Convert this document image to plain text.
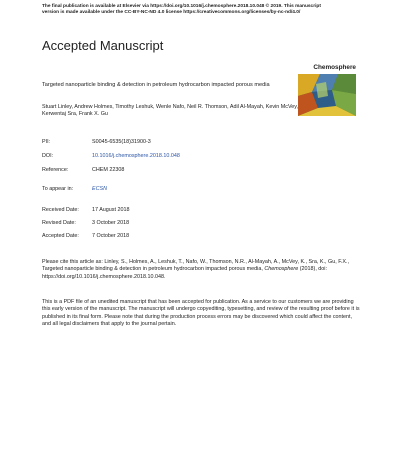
The final publication is available at Elsevier via https://doi.org/10.1016/j.chemosphere.2018.10.048 © 2019. This manuscript
version is made available under the CC-BY-NC-ND 4.0 license https://creativecommons.org/licenses/by-nc-nd/4.0/
Accepted Manuscript
Chemosphere
Targeted nanoparticle binding & detection in petroleum hydrocarbon impacted porous media
Stuart Linley, Andrew Holmes, Timothy Leshuk, Wenle Nafo, Neil R. Thomson, Adil Al-Mayah, Kevin McVey, Kerwentaj Sra, Frank X. Gu
PII:	S0045-6535(18)31900-3
DOI:	10.1016/j.chemosphere.2018.10.048
Reference:	CHEM 22308
To appear in:	ECSN
Received Date: 17 August 2018
Revised Date:	3 October 2018
Accepted Date: 7 October 2018
Please cite this article as: Linley, S., Holmes, A., Leshuk, T., Nafo, W., Thomson, N.R., Al-Mayah, A., McVey, K., Sra, K., Gu, F.X., Targeted nanoparticle binding & detection in petroleum hydrocarbon impacted porous media, Chemosphere (2018), doi: https://doi.org/10.1016/j.chemosphere.2018.10.048.
This is a PDF file of an unedited manuscript that has been accepted for publication. As a service to our customers we are providing this early version of the manuscript. The manuscript will undergo copyediting, typesetting, and review of the resulting proof before it is published in its final form. Please note that during the production process errors may be discovered which could affect the content, and all legal disclaimers that apply to the journal pertain.
